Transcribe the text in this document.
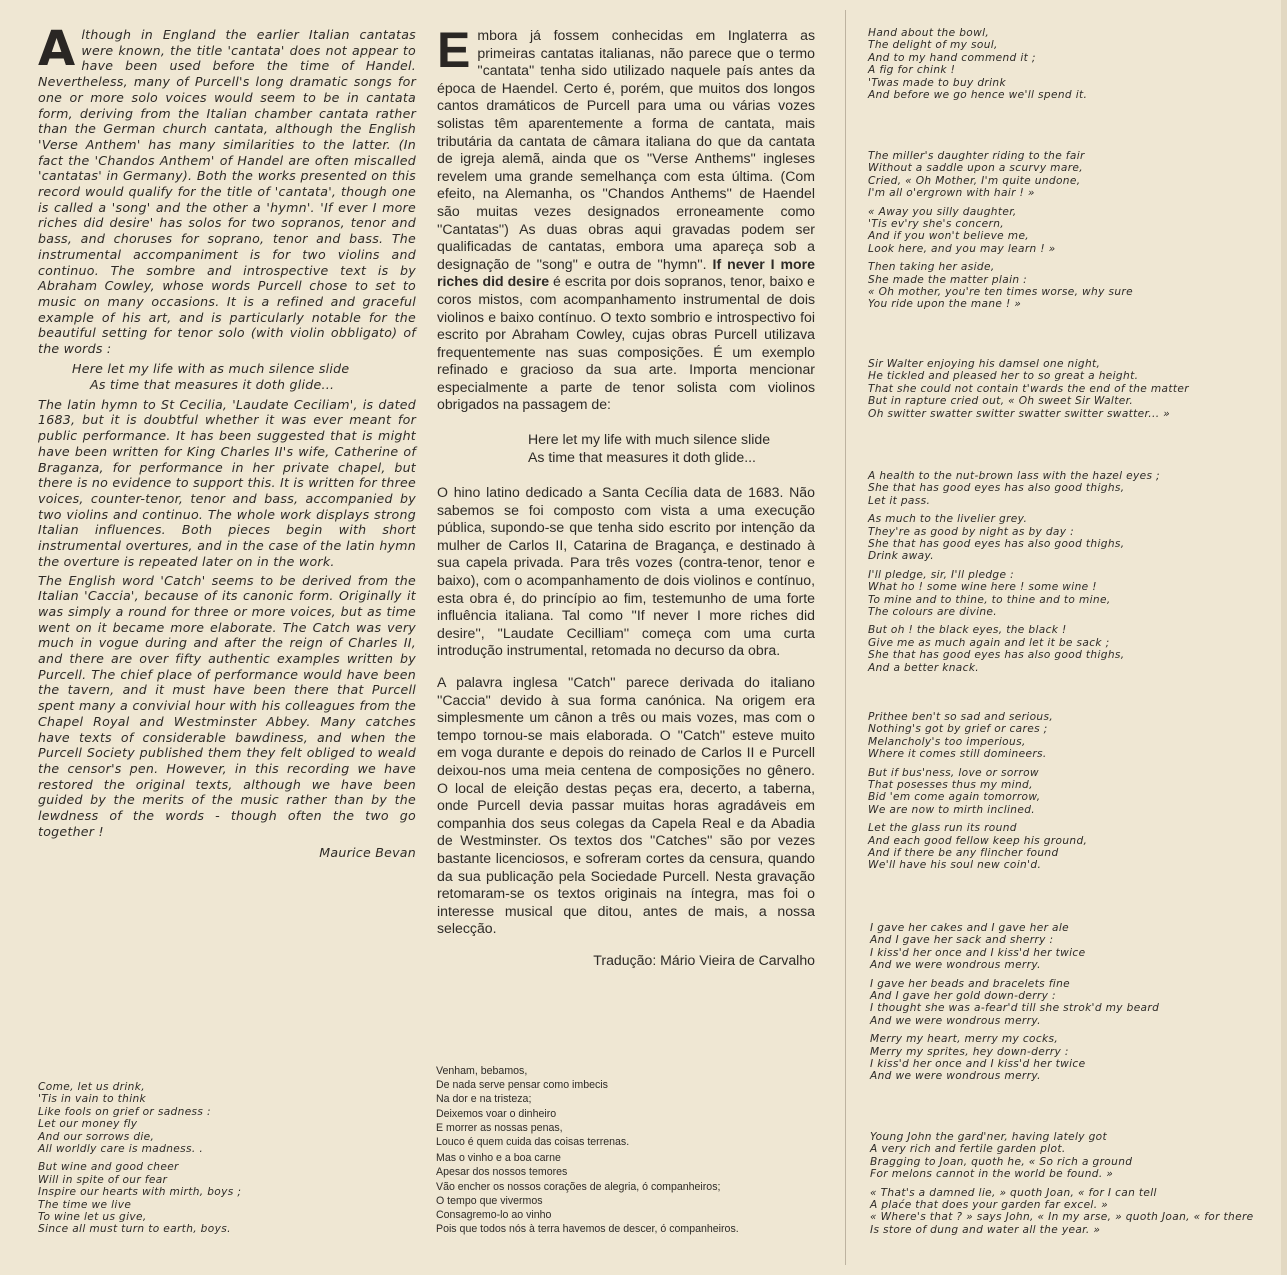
Although in England the earlier Italian cantatas were known, the title 'cantata' does not appear to have been used before the time of Handel. Nevertheless, many of Purcell's long dramatic songs for one or more solo voices would seem to be in cantata form, deriving from the Italian chamber cantata rather than the German church cantata, although the English 'Verse Anthem' has many similarities to the latter. (In fact the 'Chandos Anthem' of Handel are often miscalled 'cantatas' in Germany). Both the works presented on this record would qualify for the title of 'cantata', though one is called a 'song' and the other a 'hymn'. 'If ever I more riches did desire' has solos for two sopranos, tenor and bass, and choruses for soprano, tenor and bass. The instrumental accompaniment is for two violins and continuo. The sombre and introspective text is by Abraham Cowley, whose words Purcell chose to set to music on many occasions. It is a refined and graceful example of his art, and is particularly notable for the beautiful setting for tenor solo (with violin obbligato) of the words :

Here let my life with as much silence slide
As time that measures it doth glide...

The latin hymn to St Cecilia, 'Laudate Ceciliam', is dated 1683, but it is doubtful whether it was ever meant for public performance. It has been suggested that is might have been written for King Charles II's wife, Catherine of Braganza, for performance in her private chapel, but there is no evidence to support this. It is written for three voices, counter-tenor, tenor and bass, accompanied by two violins and continuo. The whole work displays strong Italian influences. Both pieces begin with short instrumental overtures, and in the case of the latin hymn the overture is repeated later on in the work.

The English word 'Catch' seems to be derived from the Italian 'Caccia', because of its canonic form. Originally it was simply a round for three or more voices, but as time went on it became more elaborate. The Catch was very much in vogue during and after the reign of Charles II, and there are over fifty authentic examples written by Purcell. The chief place of performance would have been the tavern, and it must have been there that Purcell spent many a convivial hour with his colleagues from the Chapel Royal and Westminster Abbey. Many catches have texts of considerable bawdiness, and when the Purcell Society published them they felt obliged to weald the censor's pen. However, in this recording we have restored the original texts, although we have been guided by the merits of the music rather than by the lewdness of the words - though often the two go together !

Maurice Bevan

Embora já fossem conhecidas em Inglaterra as primeiras cantatas italianas, não parece que o termo ''cantata'' tenha sido utilizado naquele país antes da época de Haendel. Certo é, porém, que muitos dos longos cantos dramáticos de Purcell para uma ou várias vozes solistas têm aparentemente a forma de cantata, mais tributária da cantata de câmara italiana do que da cantata de igreja alemã, ainda que os ''Verse Anthems'' ingleses revelem uma grande semelhança com esta última. (Com efeito, na Alemanha, os ''Chandos Anthems'' de Haendel são muitas vezes designados erroneamente como ''Cantatas'') As duas obras aqui gravadas podem ser qualificadas de cantatas, embora uma apareça sob a designação de ''song'' e outra de ''hymn''. If never I more riches did desire é escrita por dois sopranos, tenor, baixo e coros mistos, com acompanhamento instrumental de dois violinos e baixo contínuo. O texto sombrio e introspectivo foi escrito por Abraham Cowley, cujas obras Purcell utilizava frequentemente nas suas composições. É um exemplo refinado e gracioso da sua arte. Importa mencionar especialmente a parte de tenor solista com violinos obrigados na passagem de:

Here let my life with much silence slide
As time that measures it doth glide...

O hino latino dedicado a Santa Cecília data de 1683. Não sabemos se foi composto com vista a uma execução pública, supondo-se que tenha sido escrito por intenção da mulher de Carlos II, Catarina de Bragança, e destinado à sua capela privada. Para três vozes (contra-tenor, tenor e baixo), com o acompanhamento de dois violinos e contínuo, esta obra é, do princípio ao fim, testemunho de uma forte influência italiana. Tal como ''If never I more riches did desire'', ''Laudate Cecilliam'' começa com uma curta introdução instrumental, retomada no decurso da obra.

A palavra inglesa ''Catch'' parece derivada do italiano ''Caccia'' devido à sua forma canónica. Na origem era simplesmente um cânon a três ou mais vozes, mas com o tempo tornou-se mais elaborada. O ''Catch'' esteve muito em voga durante e depois do reinado de Carlos II e Purcell deixou-nos uma meia centena de composições no gênero. O local de eleição destas peças era, decerto, a taberna, onde Purcell devia passar muitas horas agradáveis em companhia dos seus colegas da Capela Real e da Abadia de Westminster. Os textos dos ''Catches'' são por vezes bastante licenciosos, e sofreram cortes da censura, quando da sua publicação pela Sociedade Purcell. Nesta gravação retomaram-se os textos originais na íntegra, mas foi o interesse musical que ditou, antes de mais, a nossa selecção.

Tradução: Mário Vieira de Carvalho
Come, let us drink,
'Tis in vain to think
Like fools on grief or sadness :
Let our money fly
And our sorrows die,
All worldly care is madness. .
But wine and good cheer
Will in spite of our fear
Inspire our hearts with mirth, boys ;
The time we live
To wine let us give,
Since all must turn to earth, boys.
Venham, bebamos,
De nada serve pensar como imbecis
Na dor e na tristeza;
Deixemos voar o dinheiro
E morrer as nossas penas,
Louco é quem cuida das coisas terrenas.
Mas o vinho e a boa carne
Apesar dos nossos temores
Vão encher os nossos corações de alegria, ó companheiros;
O tempo que vivermos
Consagremo-lo ao vinho
Pois que todos nós à terra havemos de descer, ó companheiros.
Hand about the bowl,
The delight of my soul,
And to my hand commend it ;
A fig for chink !
'Twas made to buy drink
And before we go hence we'll spend it.
The miller's daughter riding to the fair
Without a saddle upon a scurvy mare,
Cried, « Oh Mother, I'm quite undone,
I'm all o'ergrown with hair ! »
« Away you silly daughter,
'Tis ev'ry she's concern,
And if you won't believe me,
Look here, and you may learn ! »
Then taking her aside,
She made the matter plain :
« Oh mother, you're ten times worse, why sure
You ride upon the mane ! »
Sir Walter enjoying his damsel one night,
He tickled and pleased her to so great a height.
That she could not contain t'wards the end of the matter
But in rapture cried out, « Oh sweet Sir Walter.
Oh switter swatter switter swatter switter swatter... »
A health to the nut-brown lass with the hazel eyes ;
She that has good eyes has also good thighs,
Let it pass.
As much to the livelier grey.
They're as good by night as by day :
She that has good eyes has also good thighs,
Drink away.
I'll pledge, sir, I'll pledge :
What ho ! some wine here ! some wine !
To mine and to thine, to thine and to mine,
The colours are divine.
But oh ! the black eyes, the black !
Give me as much again and let it be sack ;
She that has good eyes has also good thighs,
And a better knack.
Prithee ben't so sad and serious,
Nothing's got by grief or cares ;
Melancholy's too imperious,
Where it comes still domineers.
But if bus'ness, love or sorrow
That posesses thus my mind,
Bid 'em come again tomorrow,
We are now to mirth inclined.
Let the glass run its round
And each good fellow keep his ground,
And if there be any flincher found
We'll have his soul new coin'd.
I gave her cakes and I gave her ale
And I gave her sack and sherry :
I kiss'd her once and I kiss'd her twice
And we were wondrous merry.
I gave her beads and bracelets fine
And I gave her gold down-derry :
I thought she was a-fear'd till she strok'd my beard
And we were wondrous merry.
Merry my heart, merry my cocks,
Merry my sprites, hey down-derry :
I kiss'd her once and I kiss'd her twice
And we were wondrous merry.
Young John the gard'ner, having lately got
A very rich and fertile garden plot.
Bragging to Joan, quoth he, « So rich a ground
For melons cannot in the world be found. »
« That's a damned lie, » quoth Joan, « for I can tell
A plaće that does your garden far excel. »
« Where's that ? » says John, « In my arse, » quoth Joan, « for there
Is store of dung and water all the year. »
